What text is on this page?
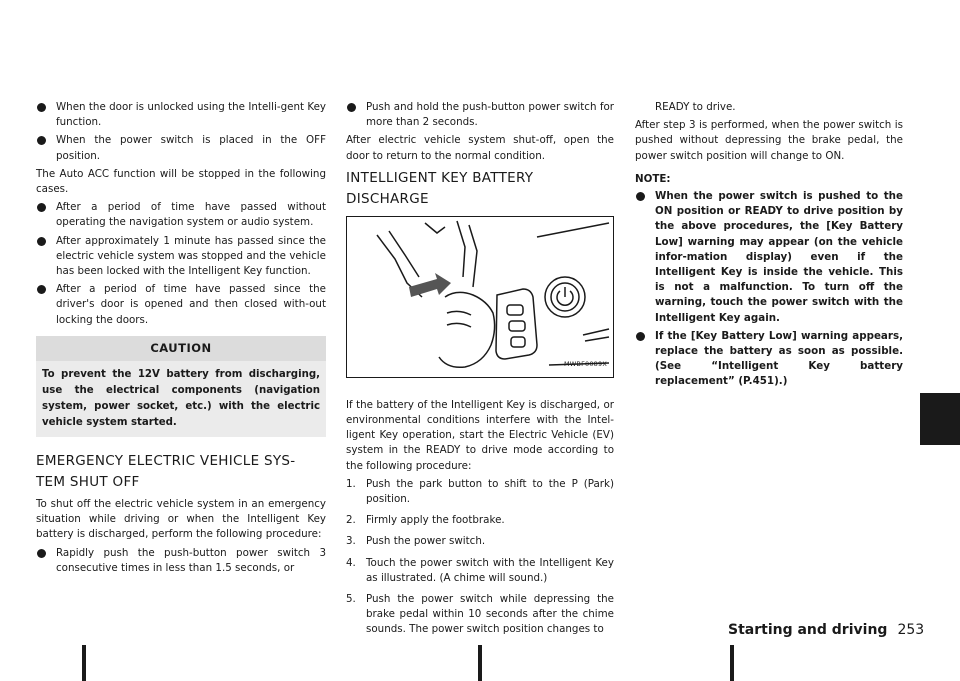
When the door is unlocked using the Intelli-gent Key function.
When the power switch is placed in the OFF position.

The Auto ACC function will be stopped in the following cases.

After a period of time have passed without operating the navigation system or audio system.
After approximately 1 minute has passed since the electric vehicle system was stopped and the vehicle has been locked with the Intelligent Key function.
After a period of time have passed since the driver's door is opened and then closed with-out locking the doors.
CAUTION
To prevent the 12V battery from discharging, use the electrical components (navigation system, power socket, etc.) with the electric vehicle system started.
EMERGENCY ELECTRIC VEHICLE SYS-
TEM SHUT OFF

To shut off the electric vehicle system in an emergency situation while driving or when the Intelligent Key battery is discharged, perform the following procedure:

Rapidly push the push-button power switch 3 consecutive times in less than 1.5 seconds, or
Push and hold the push-button power switch for more than 2 seconds.

After electric vehicle system shut-off, open the door to return to the normal condition.

INTELLIGENT KEY BATTERY DISCHARGE
MWBF0089X

If the battery of the Intelligent Key is discharged, or environmental conditions interfere with the Intel-ligent Key operation, start the Electric Vehicle (EV) system in the READY to drive mode according to the following procedure:

1. Push the park button to shift to the P (Park) position.
2. Firmly apply the footbrake.
3. Push the power switch.
4. Touch the power switch with the Intelligent Key as illustrated. (A chime will sound.)
5. Push the power switch while depressing the brake pedal within 10 seconds after the chime sounds. The power switch position changes to

READY to drive.

After step 3 is performed, when the power switch is pushed without depressing the brake pedal, the power switch position will change to ON.

NOTE:
When the power switch is pushed to the ON position or READY to drive position by the above procedures, the [Key Battery Low] warning may appear (on the vehicle infor-mation display) even if the Intelligent Key is inside the vehicle. This is not a malfunction. To turn off the warning, touch the power switch with the Intelligent Key again.
If the [Key Battery Low] warning appears, replace the battery as soon as possible. (See “Intelligent Key battery replacement” (P.451).)
Starting and driving 253
